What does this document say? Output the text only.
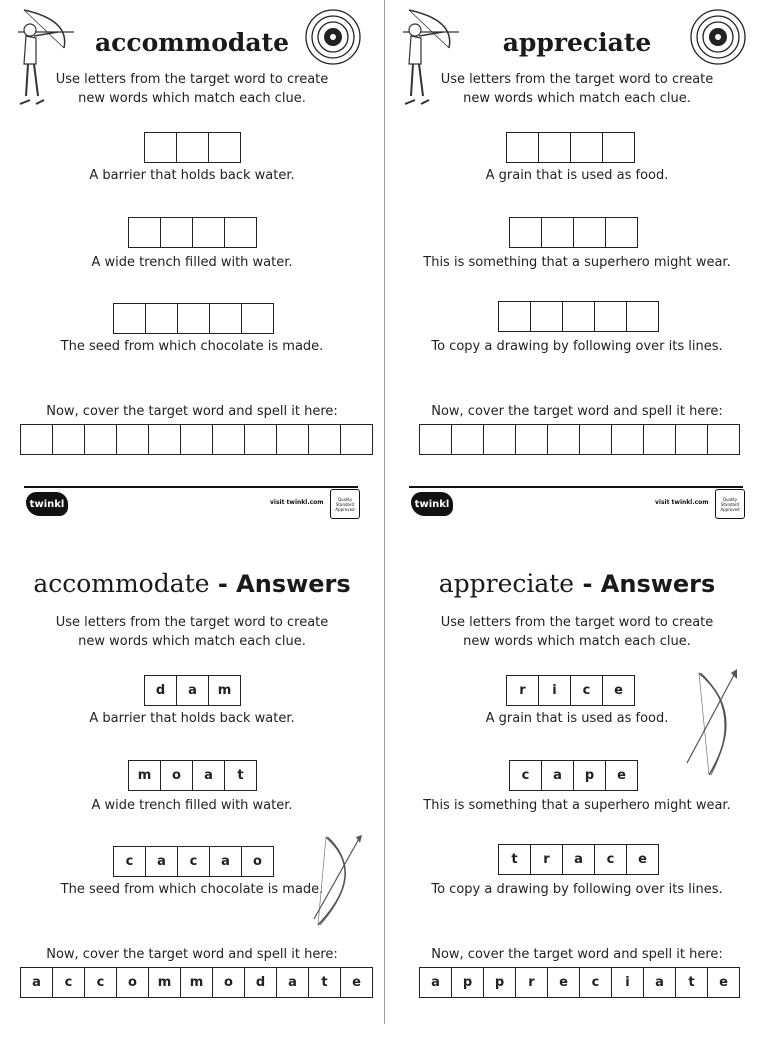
accommodate
Use letters from the target word to create
new words which match each clue.
A barrier that holds back water.
A wide trench filled with water.
The seed from which chocolate is made.
Now, cover the target word and spell it here:
twinkl	visit twinkl.com	Quality Standard Approved
appreciate
Use letters from the target word to create
new words which match each clue.
A grain that is used as food.
This is something that a superhero might wear.
To copy a drawing by following over its lines.
Now, cover the target word and spell it here:
twinkl	visit twinkl.com	Quality Standard Approved
accommodate - Answers
Use letters from the target word to create
new words which match each clue.
d	a	m
A barrier that holds back water.
m	o	a	t
A wide trench filled with water.
c	a	c	a	o
The seed from which chocolate is made.
Now, cover the target word and spell it here:
a	c	c	o	m	m	o	d	a	t	e
appreciate - Answers
Use letters from the target word to create
new words which match each clue.
r	i	c	e
A grain that is used as food.
c	a	p	e
This is something that a superhero might wear.
t	r	a	c	e
To copy a drawing by following over its lines.
Now, cover the target word and spell it here:
a	p	p	r	e	c	i	a	t	e
